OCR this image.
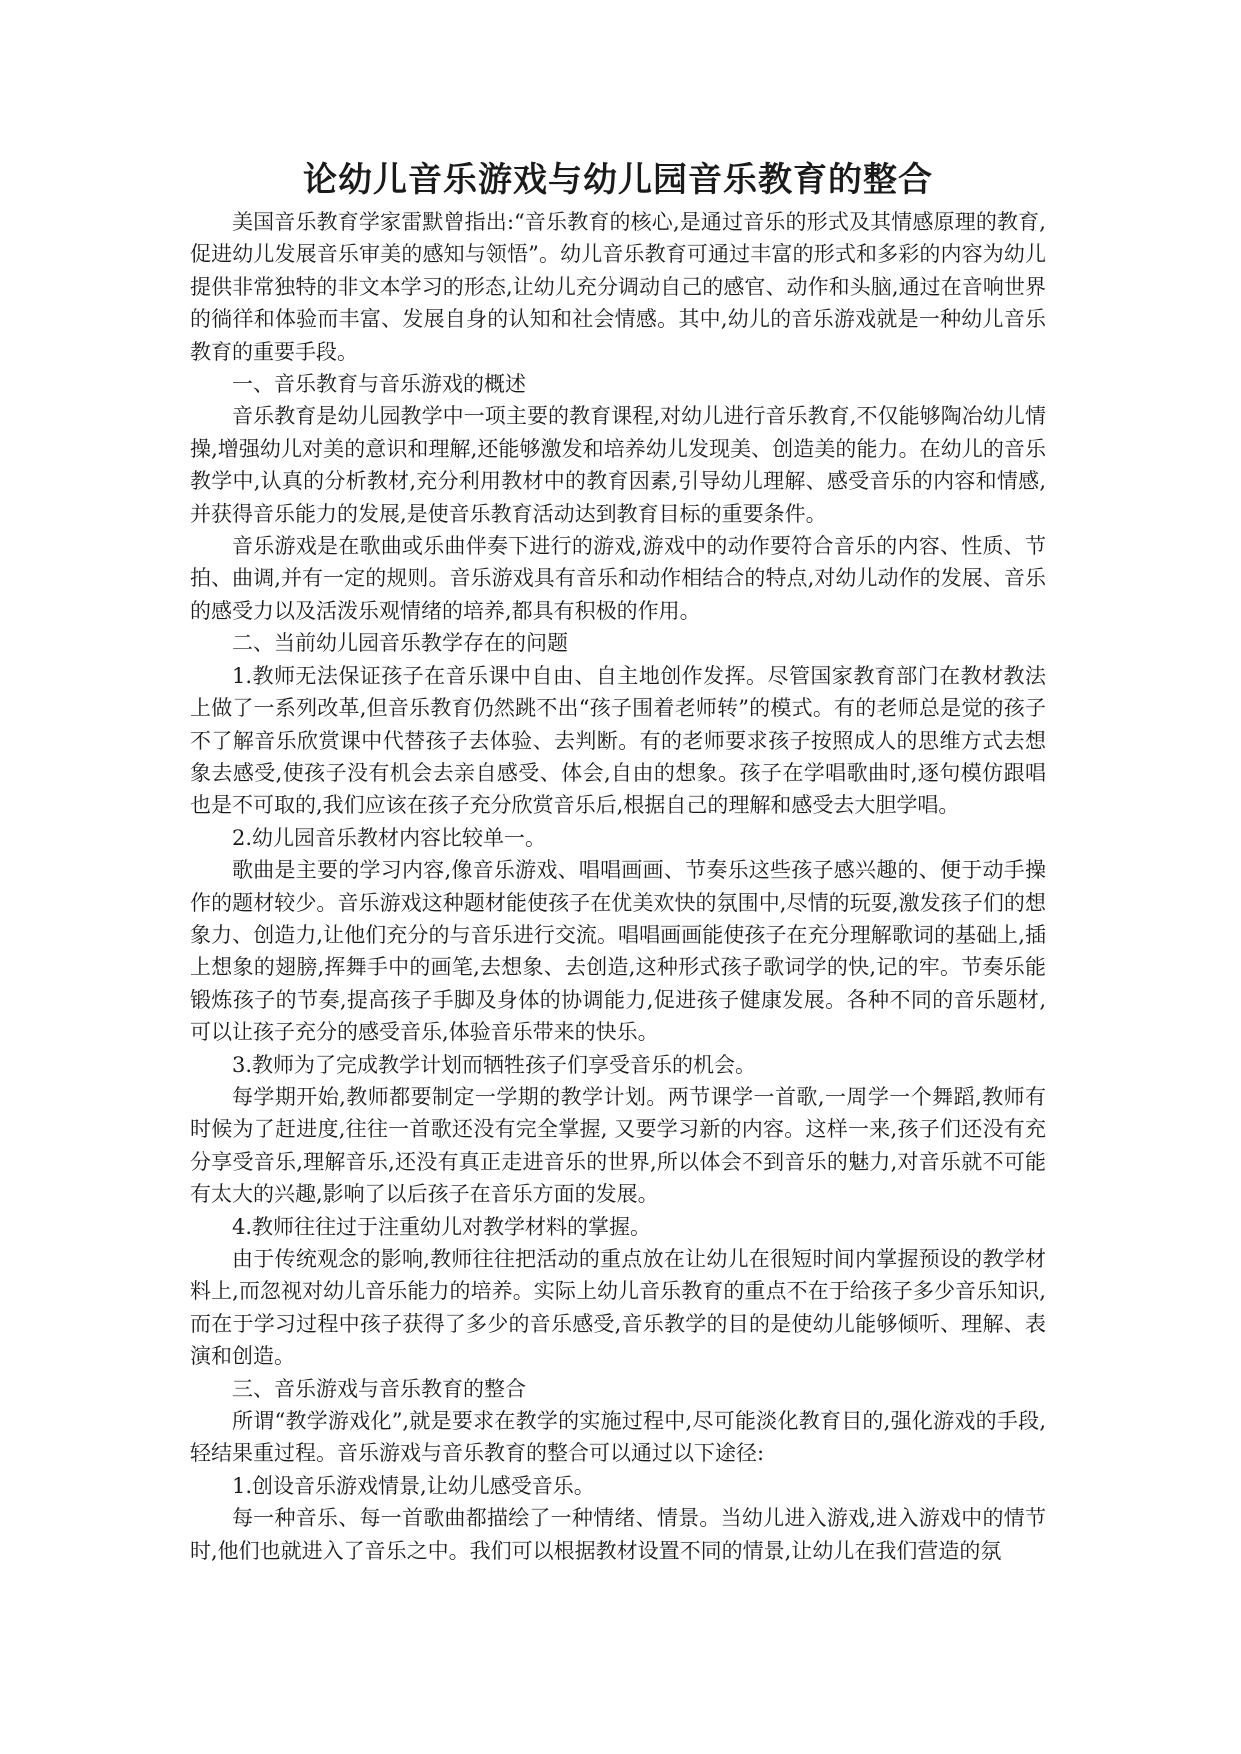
论幼儿音乐游戏与幼儿园音乐教育的整合

美国音乐教育学家雷默曾指出:“音乐教育的核心,是通过音乐的形式及其情感原理的教育,促进幼儿发展音乐审美的感知与领悟”。幼儿音乐教育可通过丰富的形式和多彩的内容为幼儿提供非常独特的非文本学习的形态,让幼儿充分调动自己的感官、动作和头脑,通过在音响世界的徜徉和体验而丰富、发展自身的认知和社会情感。其中,幼儿的音乐游戏就是一种幼儿音乐教育的重要手段。

一、音乐教育与音乐游戏的概述

音乐教育是幼儿园教学中一项主要的教育课程,对幼儿进行音乐教育,不仅能够陶冶幼儿情操,增强幼儿对美的意识和理解,还能够激发和培养幼儿发现美、创造美的能力。在幼儿的音乐教学中,认真的分析教材,充分利用教材中的教育因素,引导幼儿理解、感受音乐的内容和情感,并获得音乐能力的发展,是使音乐教育活动达到教育目标的重要条件。

音乐游戏是在歌曲或乐曲伴奏下进行的游戏,游戏中的动作要符合音乐的内容、性质、节拍、曲调,并有一定的规则。音乐游戏具有音乐和动作相结合的特点,对幼儿动作的发展、音乐的感受力以及活泼乐观情绪的培养,都具有积极的作用。

二、当前幼儿园音乐教学存在的问题

1.教师无法保证孩子在音乐课中自由、自主地创作发挥。尽管国家教育部门在教材教法上做了一系列改革,但音乐教育仍然跳不出“孩子围着老师转”的模式。有的老师总是觉的孩子不了解音乐欣赏课中代替孩子去体验、去判断。有的老师要求孩子按照成人的思维方式去想象去感受,使孩子没有机会去亲自感受、体会,自由的想象。孩子在学唱歌曲时,逐句模仿跟唱也是不可取的,我们应该在孩子充分欣赏音乐后,根据自己的理解和感受去大胆学唱。

2.幼儿园音乐教材内容比较单一。

歌曲是主要的学习内容,像音乐游戏、唱唱画画、节奏乐这些孩子感兴趣的、便于动手操作的题材较少。音乐游戏这种题材能使孩子在优美欢快的氛围中,尽情的玩耍,激发孩子们的想象力、创造力,让他们充分的与音乐进行交流。唱唱画画能使孩子在充分理解歌词的基础上,插上想象的翅膀,挥舞手中的画笔,去想象、去创造,这种形式孩子歌词学的快,记的牢。节奏乐能锻炼孩子的节奏,提高孩子手脚及身体的协调能力,促进孩子健康发展。各种不同的音乐题材,可以让孩子充分的感受音乐,体验音乐带来的快乐。

3.教师为了完成教学计划而牺牲孩子们享受音乐的机会。

每学期开始,教师都要制定一学期的教学计划。两节课学一首歌,一周学一个舞蹈,教师有时候为了赶进度,往往一首歌还没有完全掌握, 又要学习新的内容。这样一来,孩子们还没有充分享受音乐,理解音乐,还没有真正走进音乐的世界,所以体会不到音乐的魅力,对音乐就不可能有太大的兴趣,影响了以后孩子在音乐方面的发展。

4.教师往往过于注重幼儿对教学材料的掌握。

由于传统观念的影响,教师往往把活动的重点放在让幼儿在很短时间内掌握预设的教学材料上,而忽视对幼儿音乐能力的培养。实际上幼儿音乐教育的重点不在于给孩子多少音乐知识,而在于学习过程中孩子获得了多少的音乐感受,音乐教学的目的是使幼儿能够倾听、理解、表演和创造。

三、音乐游戏与音乐教育的整合

所谓“教学游戏化”,就是要求在教学的实施过程中,尽可能淡化教育目的,强化游戏的手段,轻结果重过程。音乐游戏与音乐教育的整合可以通过以下途径:

1.创设音乐游戏情景,让幼儿感受音乐。

每一种音乐、每一首歌曲都描绘了一种情绪、情景。当幼儿进入游戏,进入游戏中的情节时,他们也就进入了音乐之中。我们可以根据教材设置不同的情景,让幼儿在我们营造的氛
